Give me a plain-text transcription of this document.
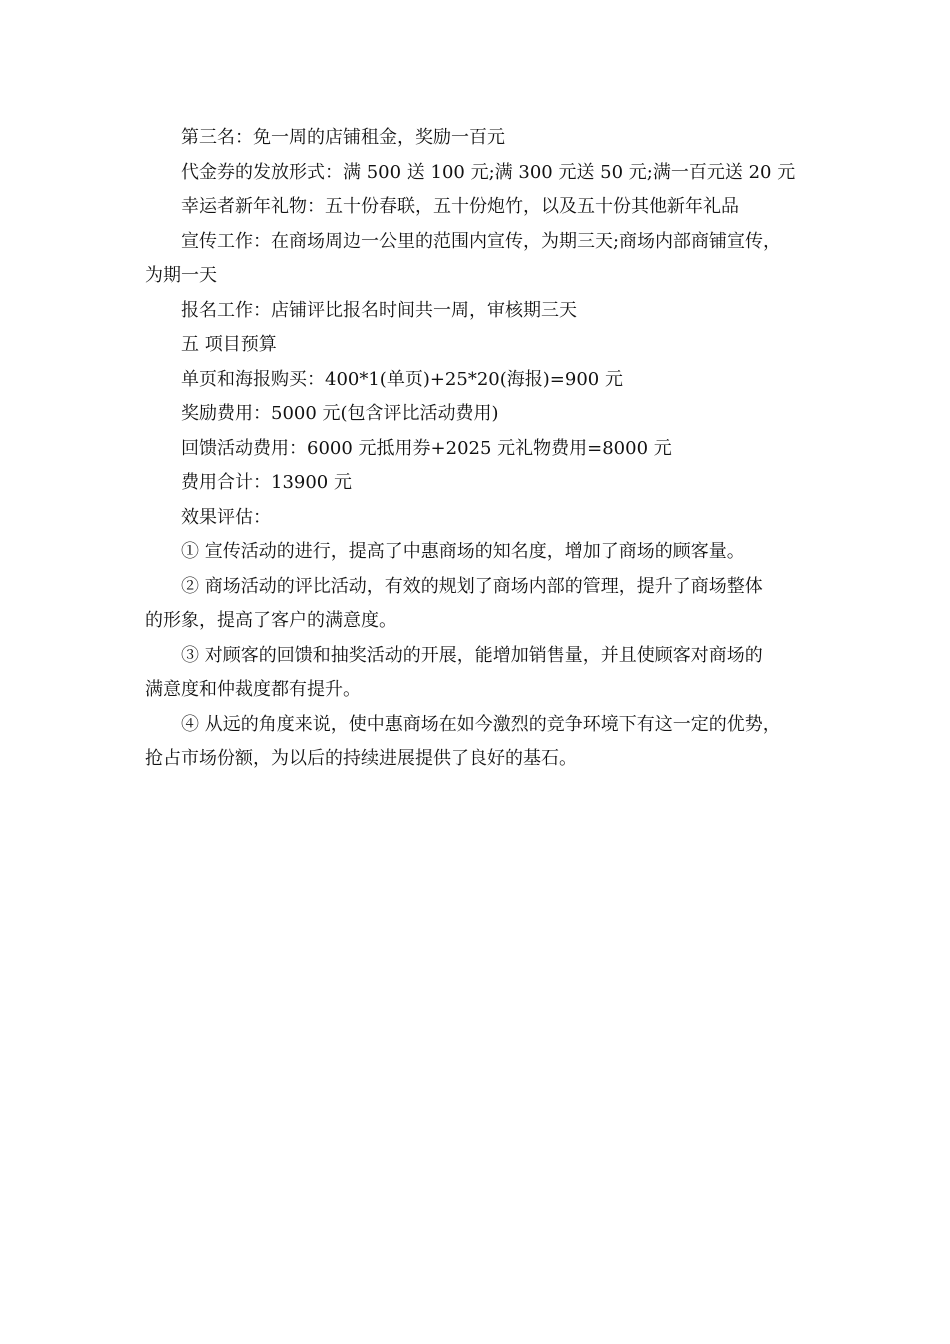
第三名：免一周的店铺租金，奖励一百元
代金券的发放形式：满 500 送 100 元;满 300 元送 50 元;满一百元送 20 元
幸运者新年礼物：五十份春联，五十份炮竹，以及五十份其他新年礼品
宣传工作：在商场周边一公里的范围内宣传，为期三天;商场内部商铺宣传，
为期一天
报名工作：店铺评比报名时间共一周，审核期三天
五 项目预算
单页和海报购买：400*1(单页)+25*20(海报)=900 元
奖励费用：5000 元(包含评比活动费用)
回馈活动费用：6000 元抵用券+2025 元礼物费用=8000 元
费用合计：13900 元
效果评估：
① 宣传活动的进行，提高了中惠商场的知名度，增加了商场的顾客量。
② 商场活动的评比活动，有效的规划了商场内部的管理，提升了商场整体
的形象，提高了客户的满意度。
③ 对顾客的回馈和抽奖活动的开展，能增加销售量，并且使顾客对商场的
满意度和仲裁度都有提升。
④ 从远的角度来说，使中惠商场在如今激烈的竞争环境下有这一定的优势，
抢占市场份额，为以后的持续进展提供了良好的基石。
